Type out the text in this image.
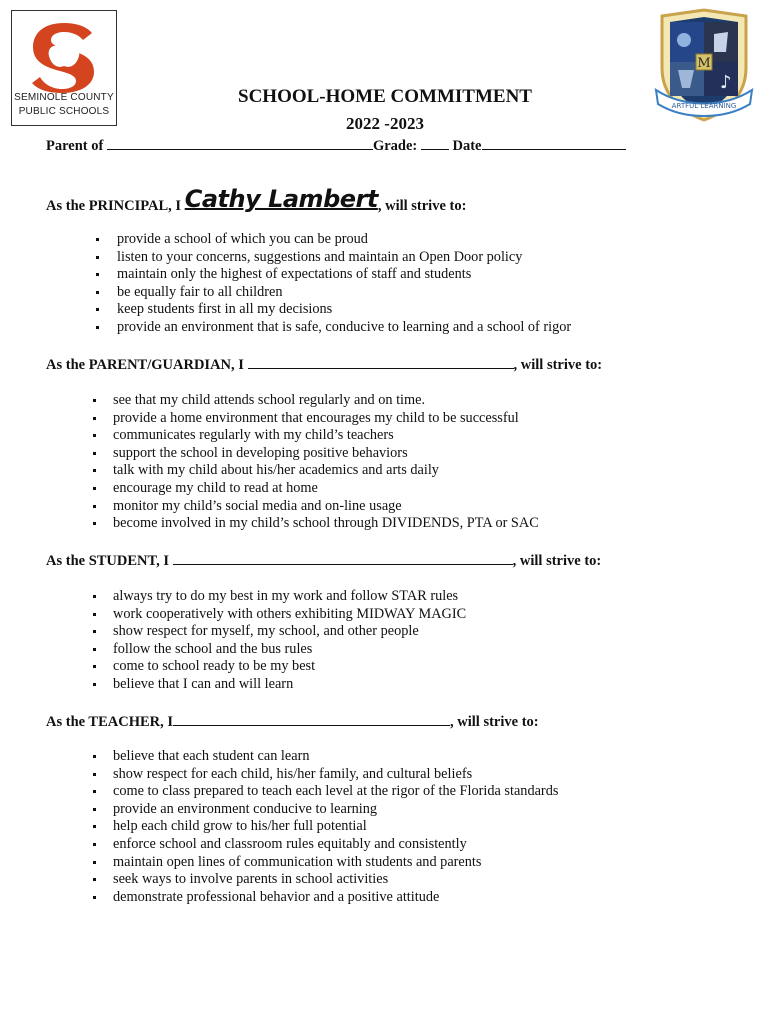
SEMINOLE COUNTY
PUBLIC SCHOOLS
♪
M
ARTFUL LEARNING
SCHOOL-HOME COMMITMENT
2022 -2023
Parent of	Grade: Date
As the PRINCIPAL, I Cathy Lambert, will strive to:
provide a school of which you can be proud
listen to your concerns, suggestions and maintain an Open Door policy
maintain only the highest of expectations of staff and students
be equally fair to all children
keep students first in all my decisions
provide an environment that is safe, conducive to learning and a school of rigor
As the PARENT/GUARDIAN, I	, will strive to:
see that my child attends school regularly and on time.
provide a home environment that encourages my child to be successful
communicates regularly with my child’s teachers
support the school in developing positive behaviors
talk with my child about his/her academics and arts daily
encourage my child to read at home
monitor my child’s social media and on-line usage
become involved in my child’s school through DIVIDENDS, PTA or SAC
As the STUDENT, I	, will strive to:
always try to do my best in my work and follow STAR rules
work cooperatively with others exhibiting MIDWAY MAGIC
show respect for myself, my school, and other people
follow the school and the bus rules
come to school ready to be my best
believe that I can and will learn
As the TEACHER, I	, will strive to:
believe that each student can learn
show respect for each child, his/her family, and cultural beliefs
come to class prepared to teach each level at the rigor of the Florida standards
provide an environment conducive to learning
help each child grow to his/her full potential
enforce school and classroom rules equitably and consistently
maintain open lines of communication with students and parents
seek ways to involve parents in school activities
demonstrate professional behavior and a positive attitude
